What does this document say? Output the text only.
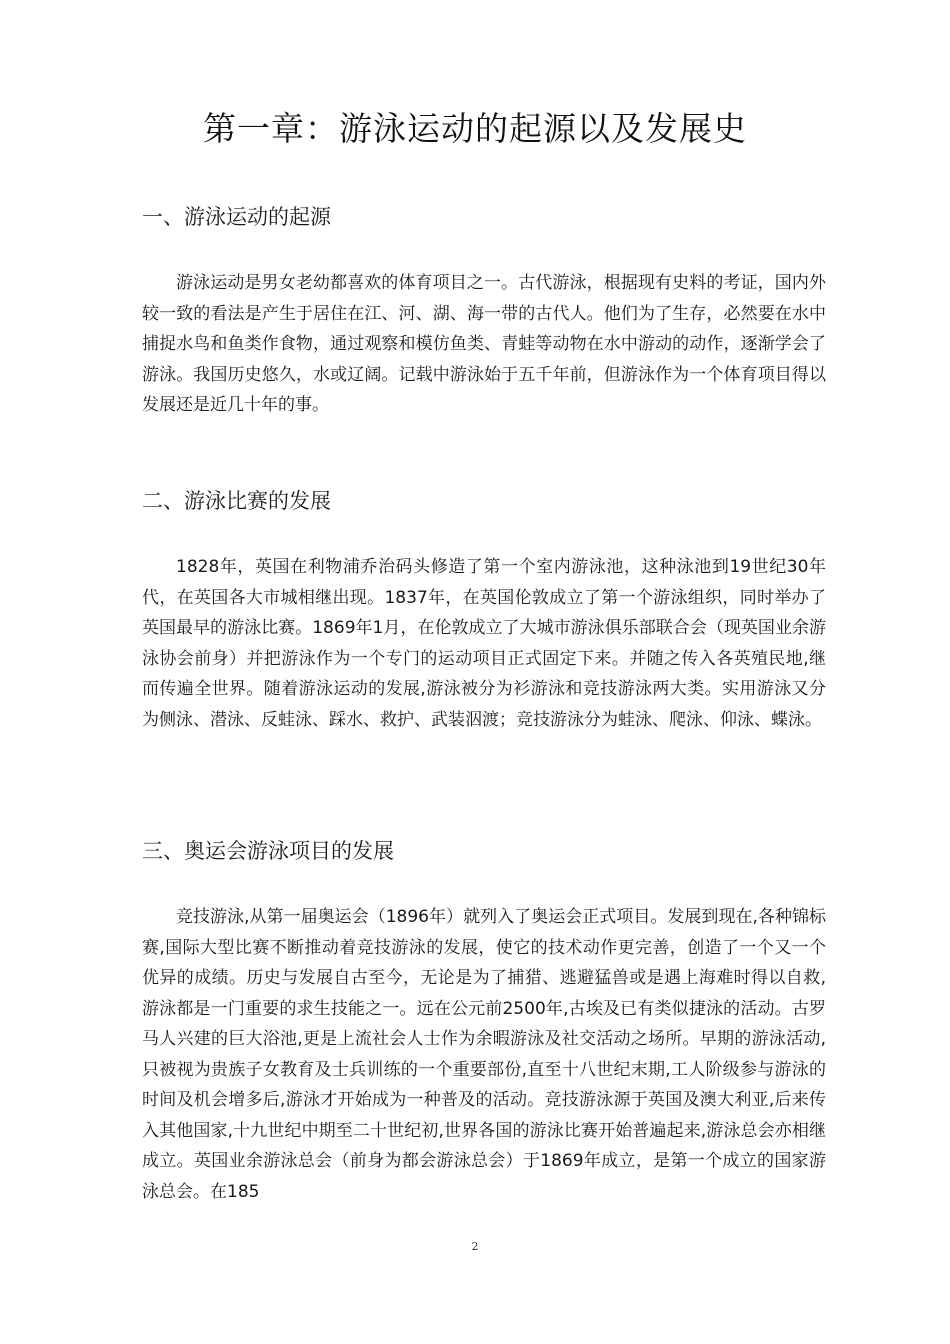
第一章：游泳运动的起源以及发展史
一、游泳运动的起源

游泳运动是男女老幼都喜欢的体育项目之一。古代游泳，根据现有史料的考证，国内外较一致的看法是产生于居住在江、河、湖、海一带的古代人。他们为了生存，必然要在水中捕捉水鸟和鱼类作食物，通过观察和模仿鱼类、青蛙等动物在水中游动的动作，逐渐学会了游泳。我国历史悠久，水或辽阔。记载中游泳始于五千年前，但游泳作为一个体育项目得以发展还是近几十年的事。

二、游泳比赛的发展

1828年，英国在利物浦乔治码头修造了第一个室内游泳池，这种泳池到19世纪30年代，在英国各大市城相继出现。1837年，在英国伦敦成立了第一个游泳组织，同时举办了英国最早的游泳比赛。1869年1月，在伦敦成立了大城市游泳俱乐部联合会（现英国业余游泳协会前身）并把游泳作为一个专门的运动项目正式固定下来。并随之传入各英殖民地,继而传遍全世界。随着游泳运动的发展,游泳被分为衫游泳和竞技游泳两大类。实用游泳又分为侧泳、潜泳、反蛙泳、踩水、救护、武装泅渡；竞技游泳分为蛙泳、爬泳、仰泳、蝶泳。

三、奥运会游泳项目的发展

竞技游泳,从第一届奥运会（1896年）就列入了奥运会正式项目。发展到现在,各种锦标赛,国际大型比赛不断推动着竞技游泳的发展，使它的技术动作更完善，创造了一个又一个优异的成绩。历史与发展自古至今，无论是为了捕猎、逃避猛兽或是遇上海难时得以自救,游泳都是一门重要的求生技能之一。远在公元前2500年,古埃及已有类似捷泳的活动。古罗马人兴建的巨大浴池,更是上流社会人士作为余暇游泳及社交活动之场所。早期的游泳活动,只被视为贵族子女教育及士兵训练的一个重要部份,直至十八世纪末期,工人阶级参与游泳的时间及机会增多后,游泳才开始成为一种普及的活动。竞技游泳源于英国及澳大利亚,后来传入其他国家,十九世纪中期至二十世纪初,世界各国的游泳比赛开始普遍起来,游泳总会亦相继成立。英国业余游泳总会（前身为都会游泳总会）于1869年成立，是第一个成立的国家游泳总会。在185

2
